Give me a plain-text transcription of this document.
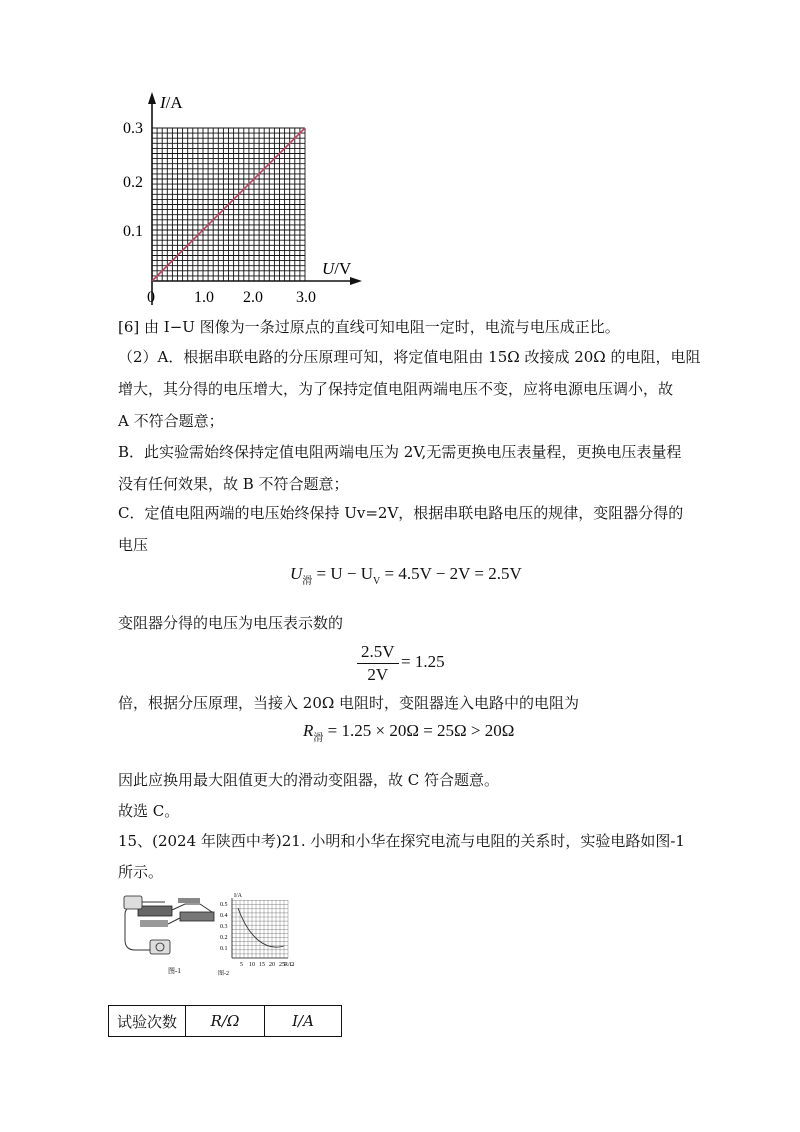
I/A
U/V
0.3
0.2
0.1
0 1.0 2.0 3.0
[6] 由 I−U 图像为一条过原点的直线可知电阻一定时，电流与电压成正比。
（2）A．根据串联电路的分压原理可知，将定值电阻由 15Ω 改接成 20Ω 的电阻，电阻
增大，其分得的电压增大，为了保持定值电阻两端电压不变，应将电源电压调小，故
A 不符合题意；
B．此实验需始终保持定值电阻两端电压为 2V,无需更换电压表量程，更换电压表量程
没有任何效果，故 B 不符合题意；
C．定值电阻两端的电压始终保持 Uv=2V，根据串联电路电压的规律，变阻器分得的
电压
$U_滑 = U - U_V = 4.5V - 2V = 2.5V$
变阻器分得的电压为电压表示数的
$\frac{2.5V}{2V} = 1.25$
倍，根据分压原理，当接入 20Ω 电阻时，变阻器连入电路中的电阻为
$R_滑 = 1.25 \times 20\Omega = 25\Omega > 20\Omega$
因此应换用最大阻值更大的滑动变阻器，故 C 符合题意。
故选 C。
15、(2024 年陕西中考)21. 小明和小华在探究电流与电阻的关系时，实验电路如图-1
所示。
图-1
I/A
0.5
0.4
0.3
0.2
0.1
5 10 15 20 25 R/Ω
图-2
试验次数	R/Ω	I/A
